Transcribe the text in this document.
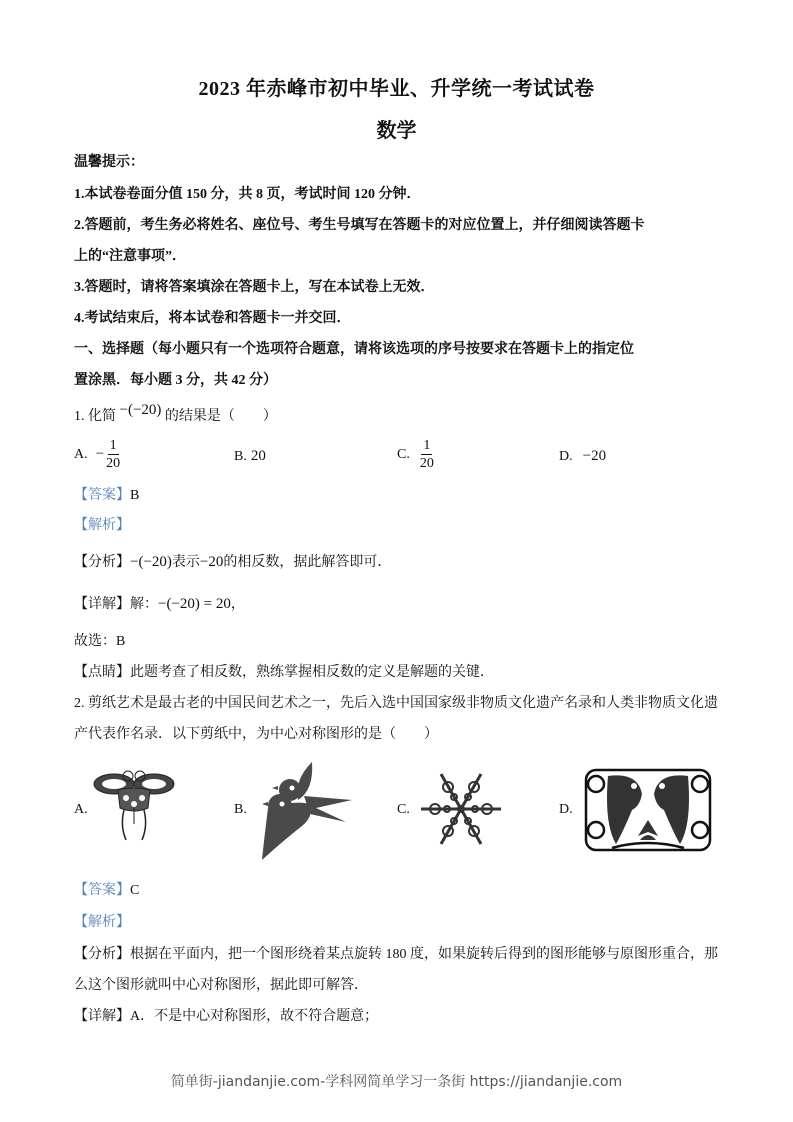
2023 年赤峰市初中毕业、升学统一考试试卷
数学
温馨提示：
1.本试卷卷面分值 150 分，共 8 页，考试时间 120 分钟．
2.答题前，考生务必将姓名、座位号、考生号填写在答题卡的对应位置上，并仔细阅读答题卡
上的“注意事项”．
3.答题时，请将答案填涂在答题卡上，写在本试卷上无效．
4.考试结束后，将本试卷和答题卡一并交回．
一、选择题（每小题只有一个选项符合题意，请将该选项的序号按要求在答题卡上的指定位
置涂黑．每小题 3 分，共 42 分）
1. 化简 −(−20) 的结果是（　　）
A. − $\frac{1}{20}$	B. 20	C. $\frac{1}{20}$	D. −20
【答案】B
【解析】
【分析】−(−20)表示−20的相反数，据此解答即可．
【详解】解：−(−20) = 20，
故选：B
【点睛】此题考查了相反数，熟练掌握相反数的定义是解题的关键．
2. 剪纸艺术是最古老的中国民间艺术之一，先后入选中国国家级非物质文化遗产名录和人类非物质文化遗
产代表作名录．以下剪纸中，为中心对称图形的是（　　）
A.	B.	C.	D.
【答案】C
【解析】
【分析】根据在平面内，把一个图形绕着某点旋转 180 度，如果旋转后得到的图形能够与原图形重合，那
么这个图形就叫中心对称图形，据此即可解答．
【详解】A．不是中心对称图形，故不符合题意；
简单街-jiandanjie.com-学科网简单学习一条街 https://jiandanjie.com
